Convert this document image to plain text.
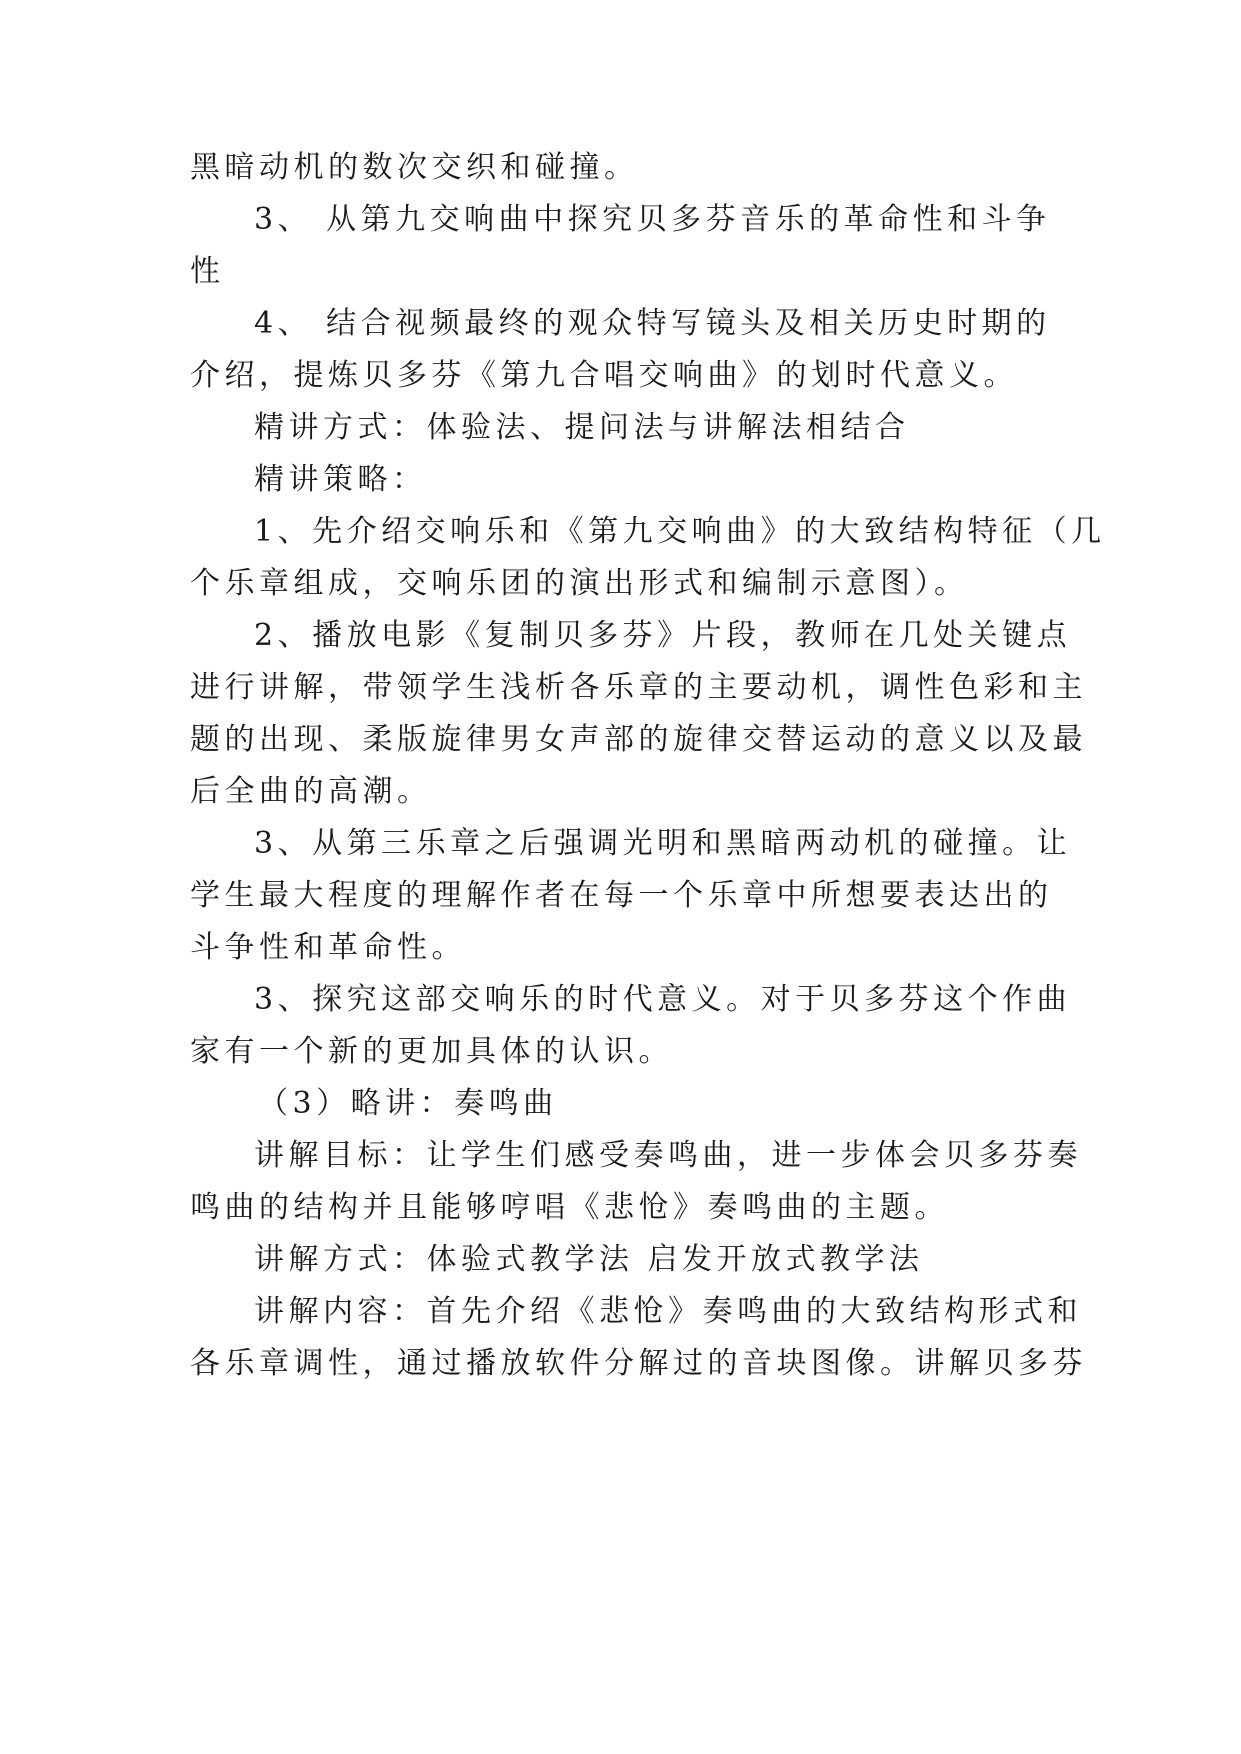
黑暗动机的数次交织和碰撞。
3、 从第九交响曲中探究贝多芬音乐的革命性和斗争
性
4、 结合视频最终的观众特写镜头及相关历史时期的
介绍，提炼贝多芬《第九合唱交响曲》的划时代意义。
精讲方式：体验法、提问法与讲解法相结合
精讲策略：
1、先介绍交响乐和《第九交响曲》的大致结构特征（几
个乐章组成，交响乐团的演出形式和编制示意图）。
2、播放电影《复制贝多芬》片段，教师在几处关键点
进行讲解，带领学生浅析各乐章的主要动机，调性色彩和主
题的出现、柔版旋律男女声部的旋律交替运动的意义以及最
后全曲的高潮。
3、从第三乐章之后强调光明和黑暗两动机的碰撞。让
学生最大程度的理解作者在每一个乐章中所想要表达出的
斗争性和革命性。
3、探究这部交响乐的时代意义。对于贝多芬这个作曲
家有一个新的更加具体的认识。
（3）略讲：奏鸣曲
讲解目标：让学生们感受奏鸣曲，进一步体会贝多芬奏
鸣曲的结构并且能够哼唱《悲怆》奏鸣曲的主题。
讲解方式：体验式教学法 启发开放式教学法
讲解内容：首先介绍《悲怆》奏鸣曲的大致结构形式和
各乐章调性，通过播放软件分解过的音块图像。讲解贝多芬
